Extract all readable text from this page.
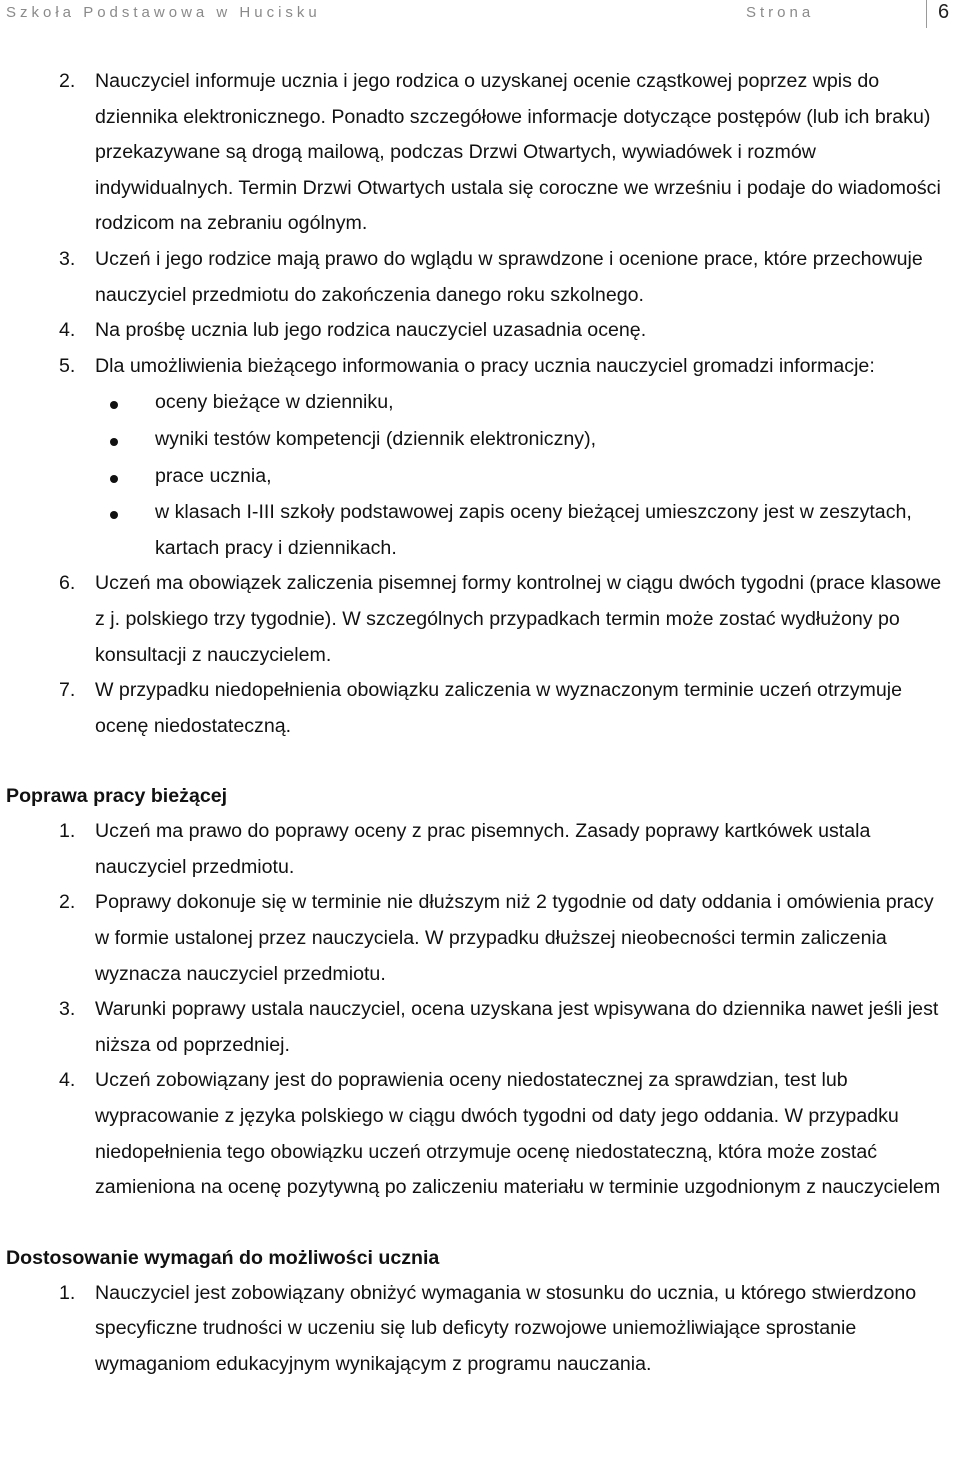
Szkoła Podstawowa w Hucisku	Strona	6
2. Nauczyciel informuje ucznia i jego rodzica o uzyskanej ocenie cząstkowej poprzez wpis do dziennika elektronicznego. Ponadto szczegółowe informacje dotyczące postępów (lub ich braku) przekazywane są drogą mailową, podczas Drzwi Otwartych, wywiadówek i rozmów indywidualnych. Termin Drzwi Otwartych ustala się coroczne we wrześniu i podaje do wiadomości rodzicom na zebraniu ogólnym.
3. Uczeń i jego rodzice mają prawo do wglądu w sprawdzone i ocenione prace, które przechowuje nauczyciel przedmiotu do zakończenia danego roku szkolnego.
4. Na prośbę ucznia lub jego rodzica nauczyciel uzasadnia ocenę.
5. Dla umożliwienia bieżącego informowania o pracy ucznia nauczyciel gromadzi informacje:
oceny bieżące w dzienniku,
wyniki testów kompetencji (dziennik elektroniczny),
prace ucznia,
w klasach I-III szkoły podstawowej zapis oceny bieżącej umieszczony jest w zeszytach, kartach pracy i dziennikach.
6. Uczeń ma obowiązek zaliczenia pisemnej formy kontrolnej w ciągu dwóch tygodni (prace klasowe z j. polskiego trzy tygodnie). W szczególnych przypadkach termin może zostać wydłużony po konsultacji z nauczycielem.
7. W przypadku niedopełnienia obowiązku zaliczenia w wyznaczonym terminie uczeń otrzymuje ocenę niedostateczną.
Poprawa pracy bieżącej
1. Uczeń ma prawo do poprawy oceny z prac pisemnych. Zasady poprawy kartkówek ustala nauczyciel przedmiotu.
2. Poprawy dokonuje się w terminie nie dłuższym niż 2 tygodnie od daty oddania i omówienia pracy w formie ustalonej przez nauczyciela. W przypadku dłuższej nieobecności termin zaliczenia wyznacza nauczyciel przedmiotu.
3. Warunki poprawy ustala nauczyciel, ocena uzyskana jest wpisywana do dziennika nawet jeśli jest niższa od poprzedniej.
4. Uczeń zobowiązany jest do poprawienia oceny niedostatecznej za sprawdzian, test lub wypracowanie z języka polskiego w ciągu dwóch tygodni od daty jego oddania. W przypadku niedopełnienia tego obowiązku uczeń otrzymuje ocenę niedostateczną, która może zostać zamieniona na ocenę pozytywną po zaliczeniu materiału w terminie uzgodnionym z nauczycielem
Dostosowanie wymagań do możliwości ucznia
1. Nauczyciel jest zobowiązany obniżyć wymagania w stosunku do ucznia, u którego stwierdzono specyficzne trudności w uczeniu się lub deficyty rozwojowe uniemożliwiające sprostanie wymaganiom edukacyjnym wynikającym z programu nauczania.
